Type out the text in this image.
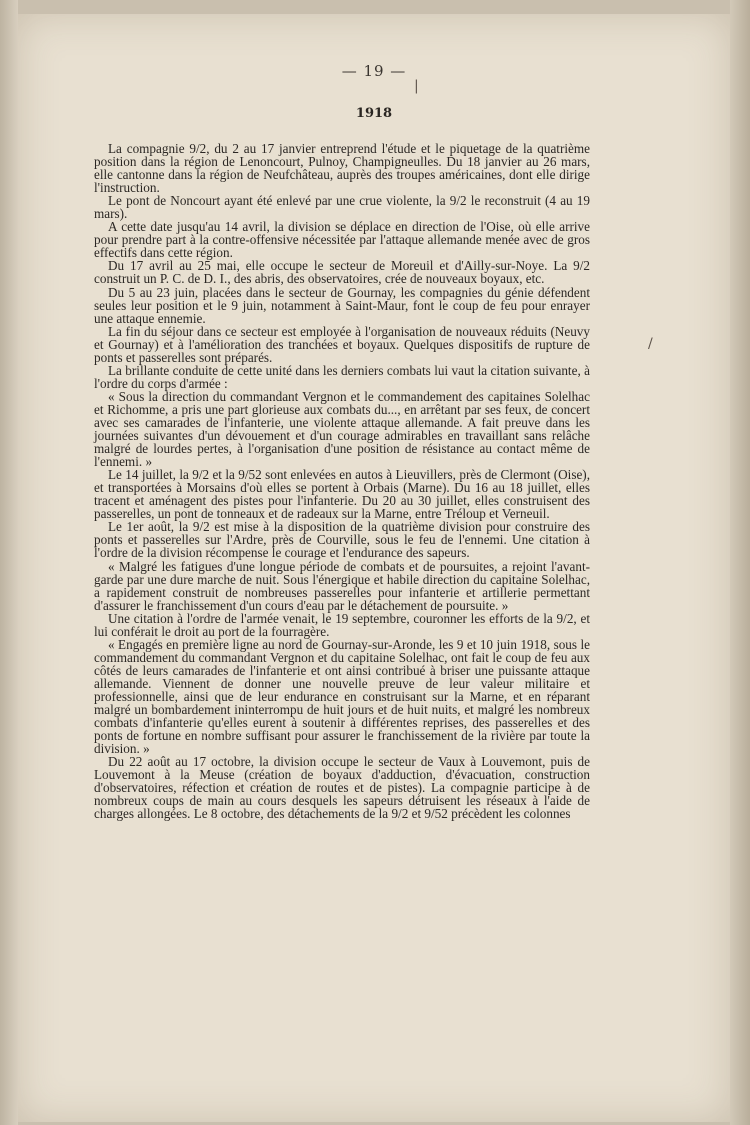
— 19 —
1918

La compagnie 9/2, du 2 au 17 janvier entreprend l'étude et le piquetage de la quatrième position dans la région de Lenoncourt, Pulnoy, Champigneulles. Du 18 janvier au 26 mars, elle cantonne dans la région de Neufchâteau, auprès des troupes américaines, dont elle dirige l'instruction.

Le pont de Noncourt ayant été enlevé par une crue violente, la 9/2 le reconstruit (4 au 19 mars).

A cette date jusqu'au 14 avril, la division se déplace en direction de l'Oise, où elle arrive pour prendre part à la contre-offensive nécessitée par l'attaque allemande menée avec de gros effectifs dans cette région.

Du 17 avril au 25 mai, elle occupe le secteur de Moreuil et d'Ailly-sur-Noye. La 9/2 construit un P. C. de D. I., des abris, des observatoires, crée de nouveaux boyaux, etc.

Du 5 au 23 juin, placées dans le secteur de Gournay, les compagnies du génie défendent seules leur position et le 9 juin, notamment à Saint-Maur, font le coup de feu pour enrayer une attaque ennemie.

La fin du séjour dans ce secteur est employée à l'organisation de nouveaux réduits (Neuvy et Gournay) et à l'amélioration des tranchées et boyaux. Quelques dispositifs de rupture de ponts et passerelles sont préparés.

La brillante conduite de cette unité dans les derniers combats lui vaut la citation suivante, à l'ordre du corps d'armée :

« Sous la direction du commandant Vergnon et le commandement des capitaines Solelhac et Richomme, a pris une part glorieuse aux combats du..., en arrêtant par ses feux, de concert avec ses camarades de l'infanterie, une violente attaque allemande. A fait preuve dans les journées suivantes d'un dévouement et d'un courage admirables en travaillant sans relâche malgré de lourdes pertes, à l'organisation d'une position de résistance au contact même de l'ennemi. »

Le 14 juillet, la 9/2 et la 9/52 sont enlevées en autos à Lieuvillers, près de Clermont (Oise), et transportées à Morsains d'où elles se portent à Orbais (Marne). Du 16 au 18 juillet, elles tracent et aménagent des pistes pour l'infanterie. Du 20 au 30 juillet, elles construisent des passerelles, un pont de tonneaux et de radeaux sur la Marne, entre Tréloup et Verneuil.

Le 1er août, la 9/2 est mise à la disposition de la quatrième division pour construire des ponts et passerelles sur l'Ardre, près de Courville, sous le feu de l'ennemi. Une citation à l'ordre de la division récompense le courage et l'endurance des sapeurs.

« Malgré les fatigues d'une longue période de combats et de poursuites, a rejoint l'avant-garde par une dure marche de nuit. Sous l'énergique et habile direction du capitaine Solelhac, a rapidement construit de nombreuses passerelles pour infanterie et artillerie permettant d'assurer le franchissement d'un cours d'eau par le détachement de poursuite. »

Une citation à l'ordre de l'armée venait, le 19 septembre, couronner les efforts de la 9/2, et lui conférait le droit au port de la fourragère.

« Engagés en première ligne au nord de Gournay-sur-Aronde, les 9 et 10 juin 1918, sous le commandement du commandant Vergnon et du capitaine Solelhac, ont fait le coup de feu aux côtés de leurs camarades de l'infanterie et ont ainsi contribué à briser une puissante attaque allemande. Viennent de donner une nouvelle preuve de leur valeur militaire et professionnelle, ainsi que de leur endurance en construisant sur la Marne, et en réparant malgré un bombardement ininterrompu de huit jours et de huit nuits, et malgré les nombreux combats d'infanterie qu'elles eurent à soutenir à différentes reprises, des passerelles et des ponts de fortune en nombre suffisant pour assurer le franchissement de la rivière par toute la division. »

Du 22 août au 17 octobre, la division occupe le secteur de Vaux à Louvemont, puis de Louvemont à la Meuse (création de boyaux d'adduction, d'évacuation, construction d'observatoires, réfection et création de routes et de pistes). La compagnie participe à de nombreux coups de main au cours desquels les sapeurs détruisent les réseaux à l'aide de charges allongées. Le 8 octobre, des détachements de la 9/2 et 9/52 précèdent les colonnes

|
/
